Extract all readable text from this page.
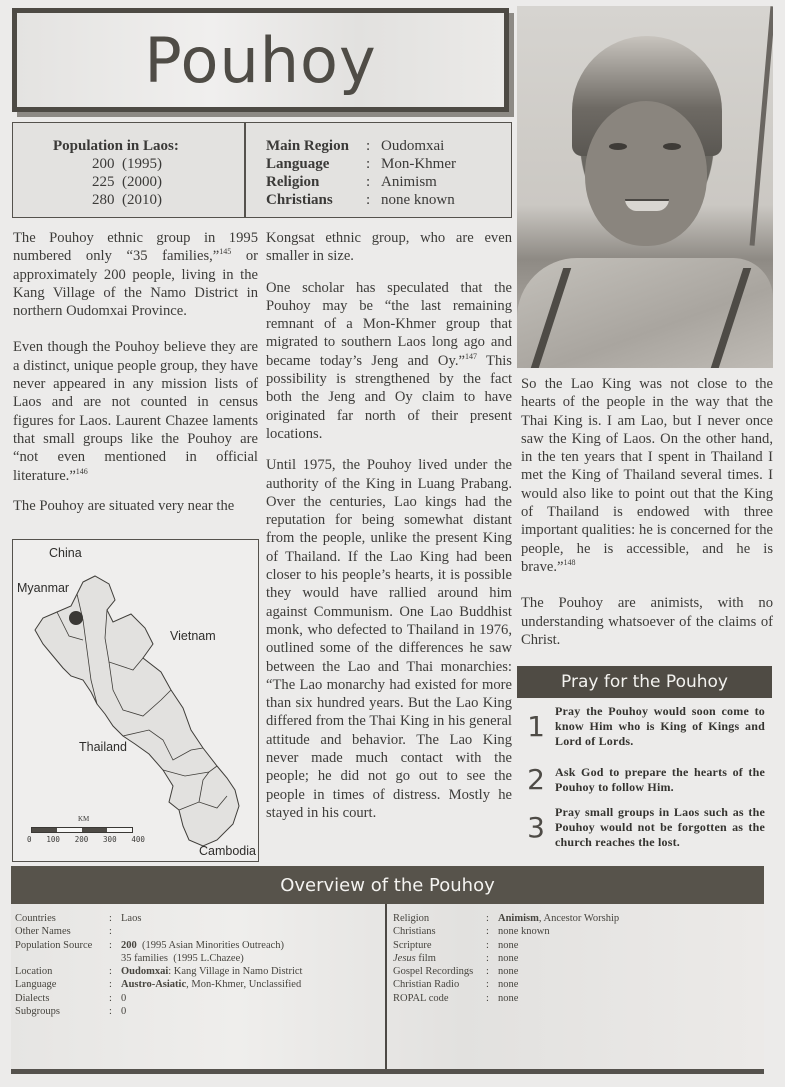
Pouhoy
Population in Laos:
200 (1995)
225 (2000)
280 (2010)
Main Region	: Oudomxai
Language	: Mon-Khmer
Religion	: Animism
Christians	: none known

The Pouhoy ethnic group in 1995 numbered only “35 families,”$^{145}$ or approximately 200 people, living in the Kang Village of the Namo District in northern Oudomxai Province.

Even though the Pouhoy believe they are a distinct, unique people group, they have never appeared in any mission lists of Laos and are not counted in census figures for Laos. Laurent Chazee laments that small groups like the Pouhoy are “not even mentioned in official literature.”$^{146}$

The Pouhoy are situated very near the

Kongsat ethnic group, who are even smaller in size.

One scholar has speculated that the Pouhoy may be “the last remaining remnant of a Mon-Khmer group that migrated to southern Laos long ago and became today’s Jeng and Oy.”$^{147}$ This possibility is strengthened by the fact both the Jeng and Oy claim to have originated far north of their present locations.

Until 1975, the Pouhoy lived under the authority of the King in Luang Prabang. Over the centuries, Lao kings had the reputation for being somewhat distant from the people, unlike the present King of Thailand. If the Lao King had been closer to his people’s hearts, it is possible they would have rallied around him against Communism. One Lao Buddhist monk, who defected to Thailand in 1976, outlined some of the differences he saw between the Lao and Thai monarchies: “The Lao monarchy had existed for more than six hundred years. But the Lao King differed from the Thai King in his general attitude and behavior. The Lao King never made much contact with the people; he did not go out to see the people in times of distress. Mostly he stayed in his court.

So the Lao King was not close to the hearts of the people in the way that the Thai King is. I am Lao, but I never once saw the King of Laos. On the other hand, in the ten years that I spent in Thailand I met the King of Thailand several times. I would also like to point out that the King of Thailand is endowed with three important qualities: he is concerned for the people, he is accessible, and he is brave.”$^{148}$

The Pouhoy are animists, with no understanding whatsoever of the claims of Christ.

China
Myanmar
Vietnam
Thailand
Cambodia
KM
0 100 200 300 400
Pray for the Pouhoy
1 Pray the Pouhoy would soon come to know Him who is King of Kings and Lord of Lords.
2 Ask God to prepare the hearts of the Pouhoy to follow Him.
3 Pray small groups in Laos such as the Pouhoy would not be forgotten as the church reaches the lost.
Overview of the Pouhoy
Countries	: Laos
Other Names	:
Population Source	: 200  (1995 Asian Minorities Outreach)
35 families  (1995 L.Chazee)
Location	: Oudomxai: Kang Village in Namo District
Language	: Austro-Asiatic, Mon-Khmer, Unclassified
Dialects	: 0
Subgroups	: 0
Religion	: Animism, Ancestor Worship
Christians	: none known
Scripture	: none
Jesus film	: none
Gospel Recordings	: none
Christian Radio	: none
ROPAL code	: none
